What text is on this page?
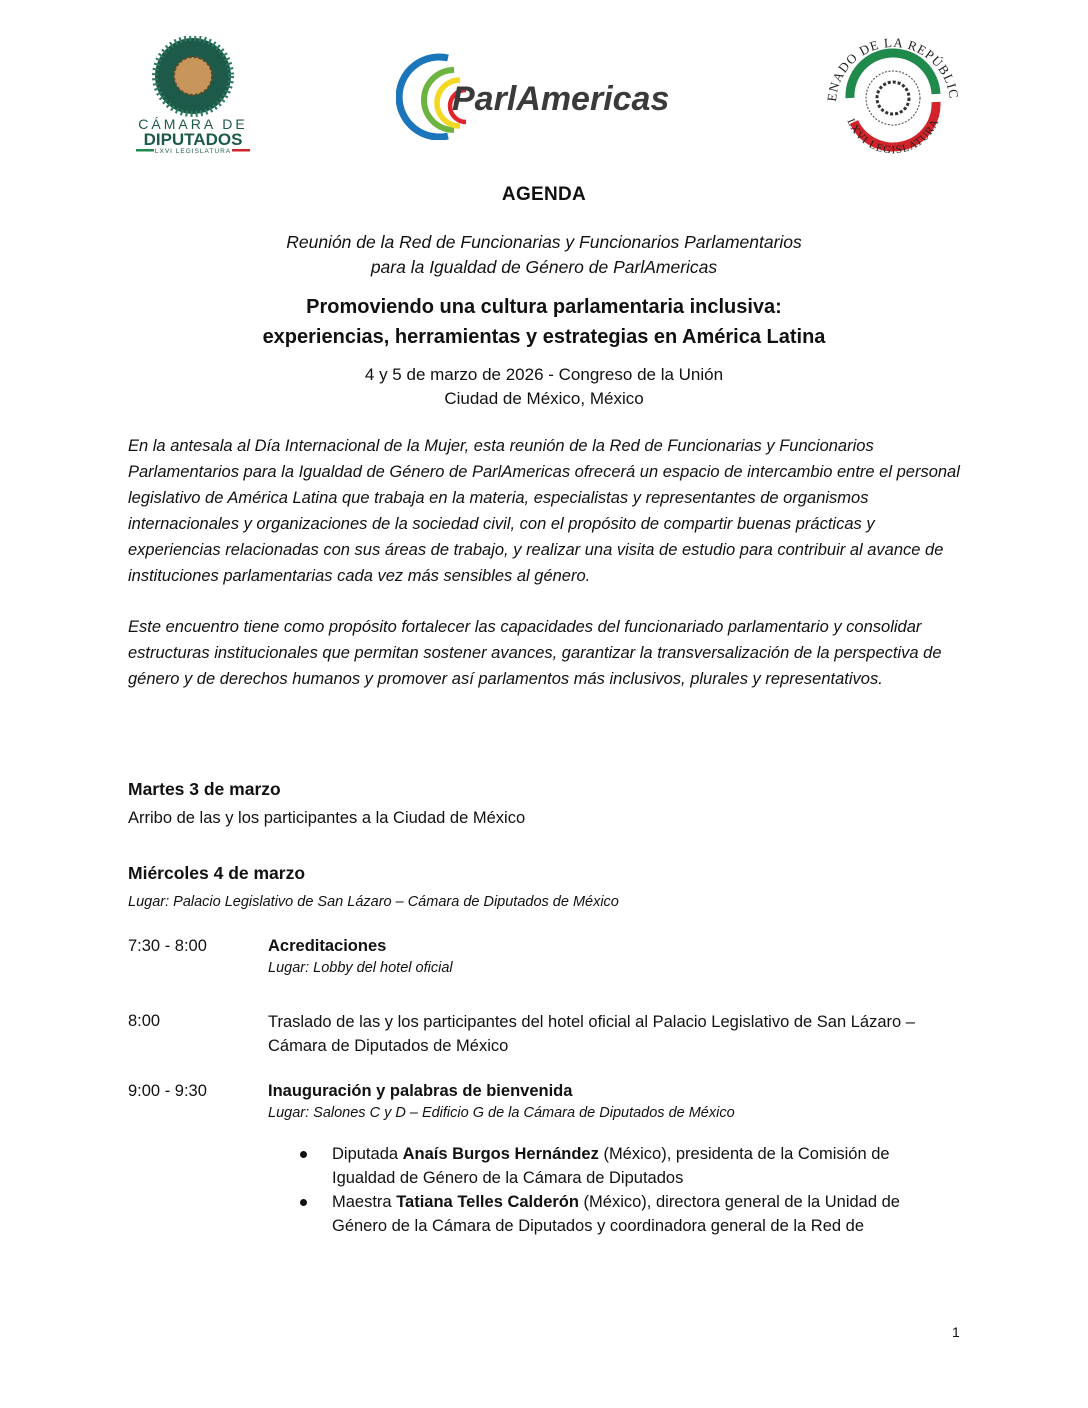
CÁMARA DE
DIPUTADOS
LXVI LEGISLATURA
ParlAmericas	ENADO DE LA REPÚBLIC
LXVI LEGISLATURA
AGENDA
Reunión de la Red de Funcionarias y Funcionarios Parlamentarios
para la Igualdad de Género de ParlAmericas
Promoviendo una cultura parlamentaria inclusiva:
experiencias, herramientas y estrategias en América Latina
4 y 5 de marzo de 2026 - Congreso de la Unión
Ciudad de México, México
En la antesala al Día Internacional de la Mujer, esta reunión de la Red de Funcionarias y Funcionarios Parlamentarios para la Igualdad de Género de ParlAmericas ofrecerá un espacio de intercambio entre el personal legislativo de América Latina que trabaja en la materia, especialistas y representantes de organismos internacionales y organizaciones de la sociedad civil, con el propósito de compartir buenas prácticas y experiencias relacionadas con sus áreas de trabajo, y realizar una visita de estudio para contribuir al avance de instituciones parlamentarias cada vez más sensibles al género.
Este encuentro tiene como propósito fortalecer las capacidades del funcionariado parlamentario y consolidar estructuras institucionales que permitan sostener avances, garantizar la transversalización de la perspectiva de género y de derechos humanos y promover así parlamentos más inclusivos, plurales y representativos.
Martes 3 de marzo
Arribo de las y los participantes a la Ciudad de México
Miércoles 4 de marzo
Lugar: Palacio Legislativo de San Lázaro – Cámara de Diputados de México
7:30 - 8:00	Acreditaciones
Lugar: Lobby del hotel oficial
8:00	Traslado de las y los participantes del hotel oficial al Palacio Legislativo de San Lázaro – Cámara de Diputados de México
9:00 - 9:30	Inauguración y palabras de bienvenida
Lugar: Salones C y D – Edificio G de la Cámara de Diputados de México
Diputada Anaís Burgos Hernández (México), presidenta de la Comisión de Igualdad de Género de la Cámara de Diputados
Maestra Tatiana Telles Calderón (México), directora general de la Unidad de Género de la Cámara de Diputados y coordinadora general de la Red de
1
